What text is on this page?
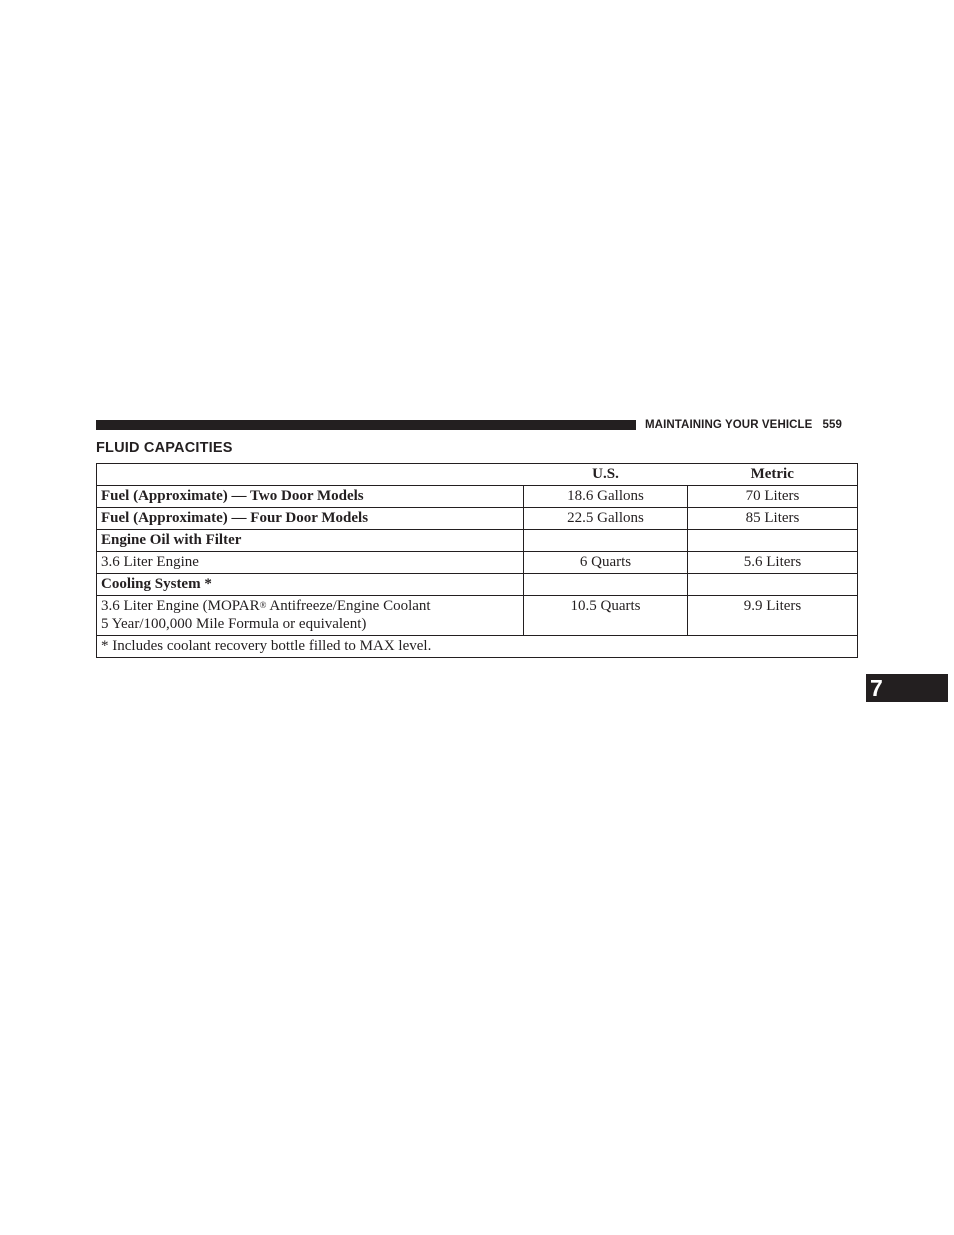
MAINTAINING YOUR VEHICLE 559
FLUID CAPACITIES
	U.S.	Metric
Fuel (Approximate) — Two Door Models	18.6 Gallons	70 Liters
Fuel (Approximate) — Four Door Models	22.5 Gallons	85 Liters
Engine Oil with Filter		
3.6 Liter Engine	6 Quarts	5.6 Liters
Cooling System *		

3.6 Liter Engine (MOPAR® Antifreeze/Engine Coolant
5 Year/100,000 Mile Formula or equivalent)	10.5 Quarts	9.9 Liters
* Includes coolant recovery bottle filled to MAX level.		
7
